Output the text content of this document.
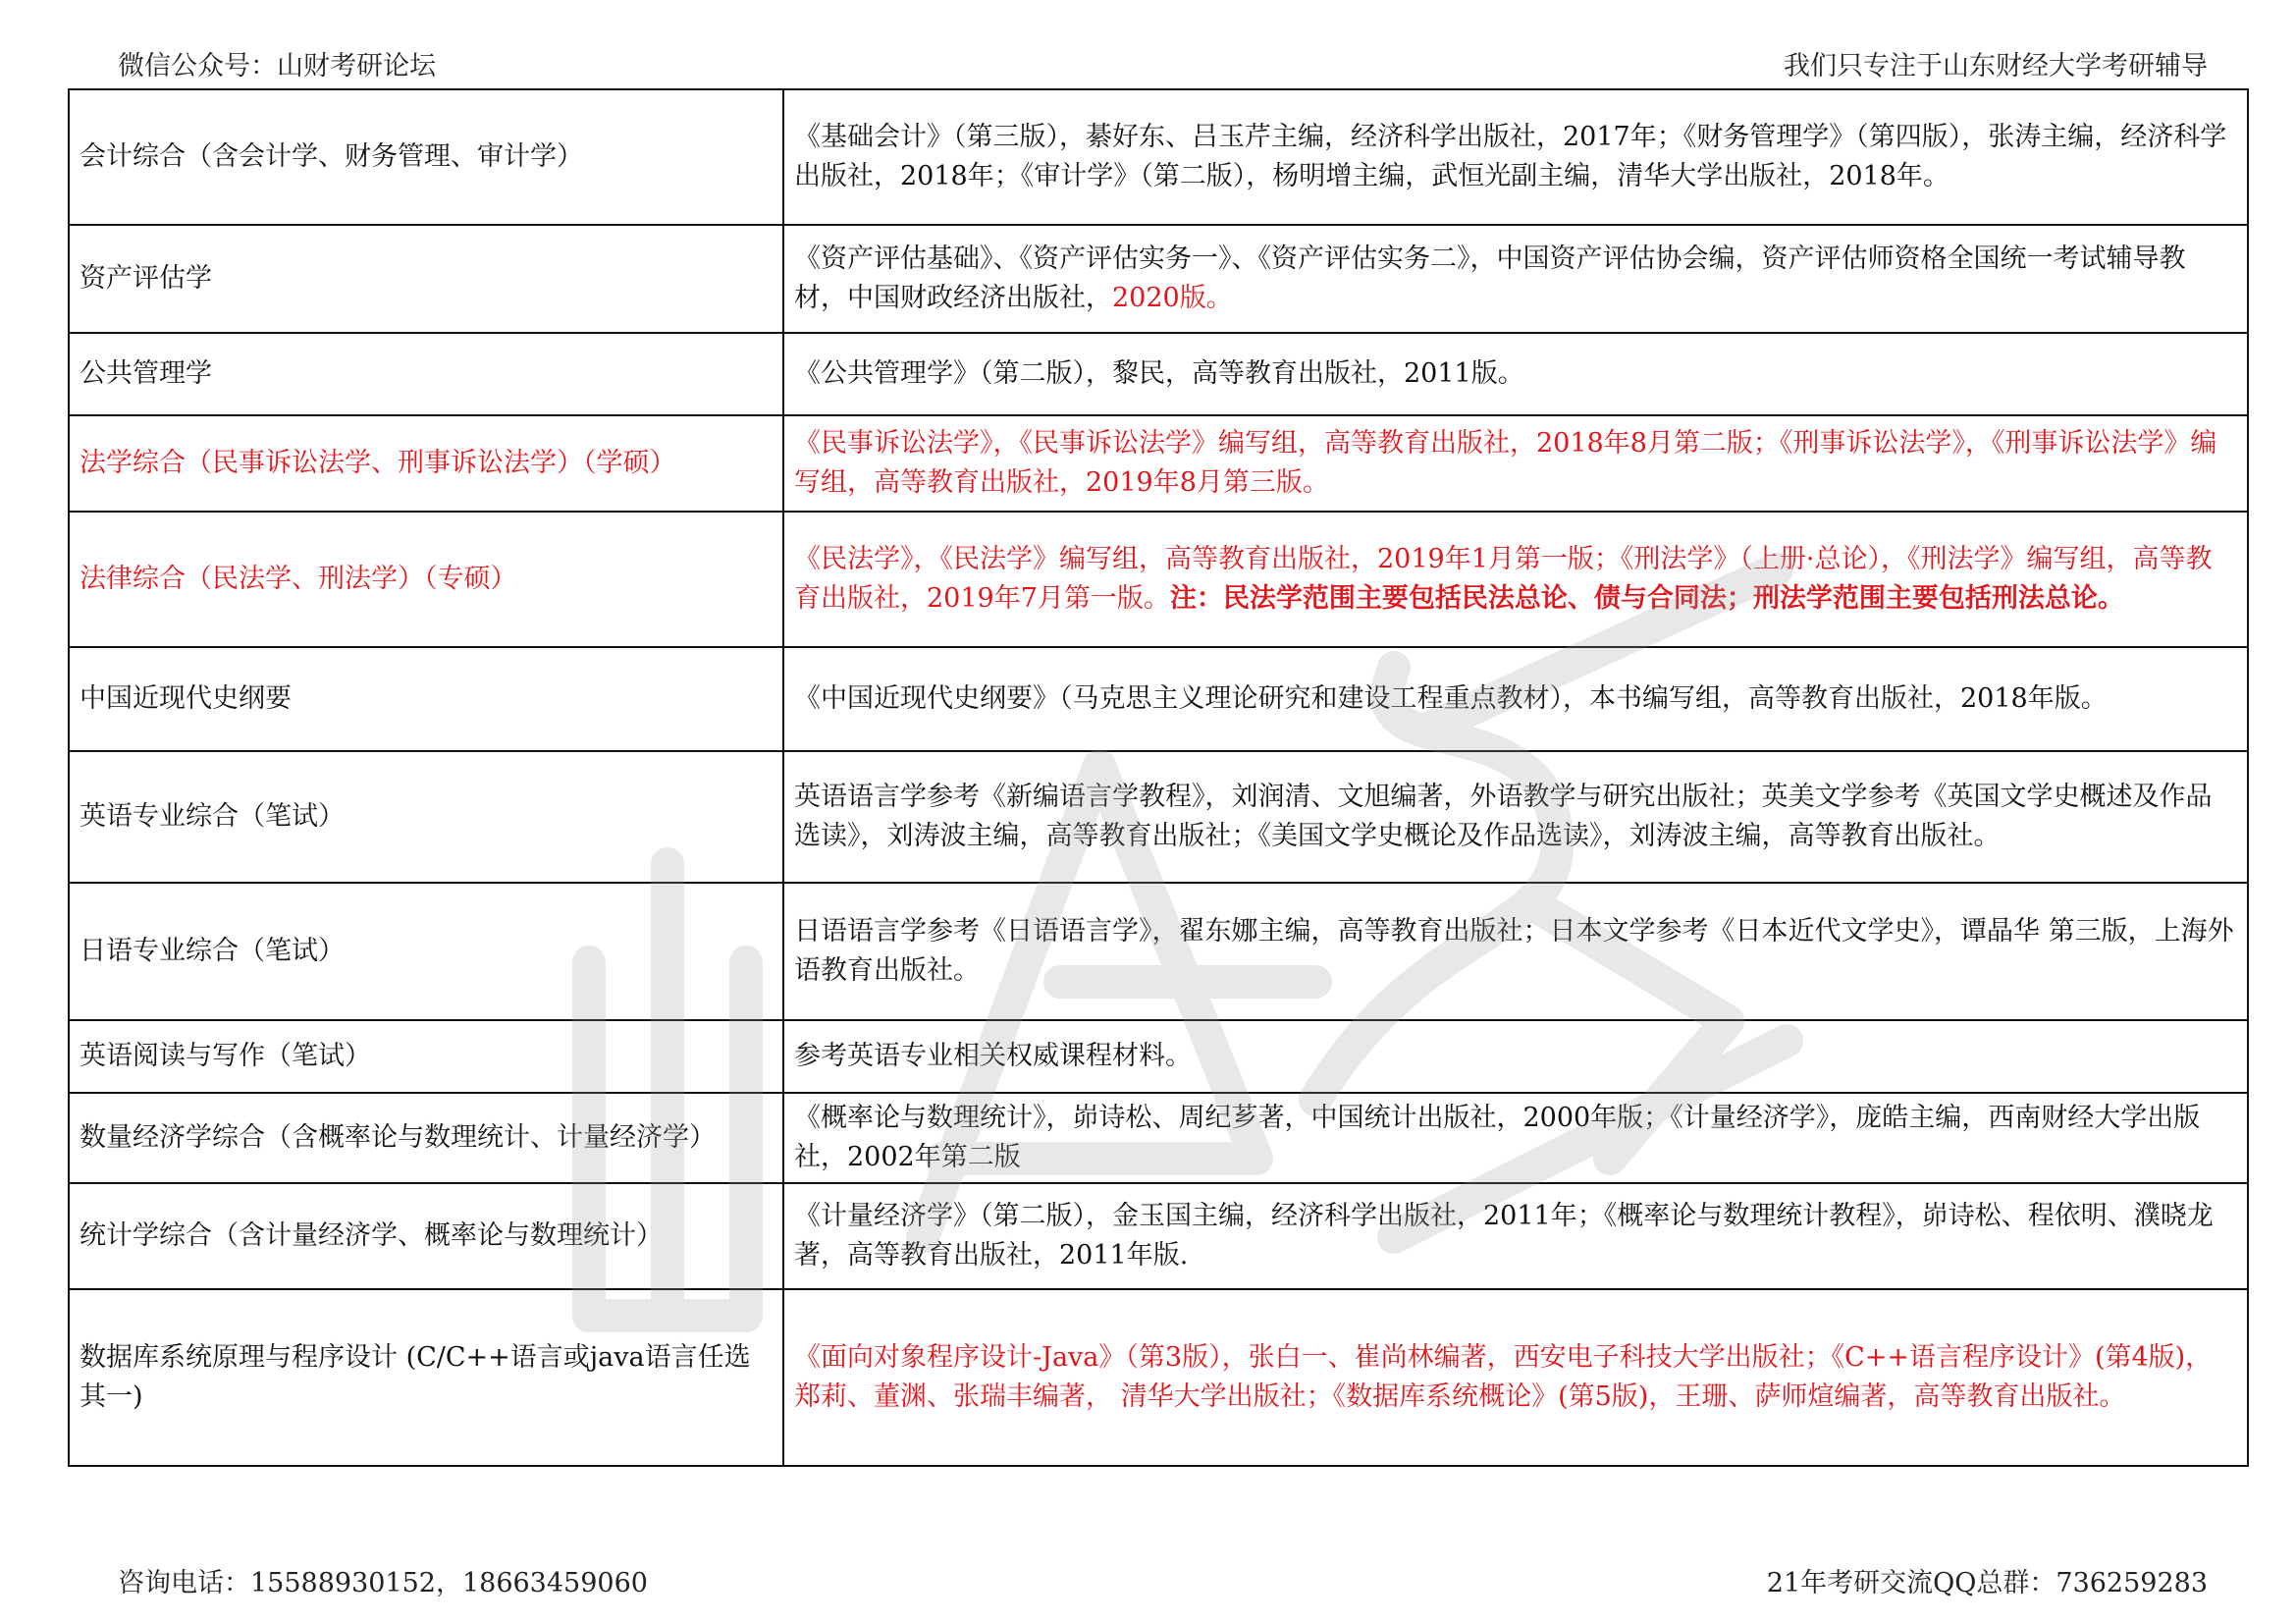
微信公众号：山财考研论坛	我们只专注于山东财经大学考研辅导
会计综合（含会计学、财务管理、审计学）	《基础会计》（第三版），綦好东、吕玉芹主编，经济科学出版社，2017年；《财务管理学》（第四版），张涛主编，经济科学出版社，2018年；《审计学》（第二版），杨明增主编，武恒光副主编，清华大学出版社，2018年。
资产评估学	《资产评估基础》、《资产评估实务一》、《资产评估实务二》，中国资产评估协会编，资产评估师资格全国统一考试辅导教材，中国财政经济出版社，2020版。
公共管理学	《公共管理学》（第二版），黎民，高等教育出版社，2011版。
法学综合（民事诉讼法学、刑事诉讼法学）（学硕）	《民事诉讼法学》，《民事诉讼法学》编写组，高等教育出版社，2018年8月第二版；《刑事诉讼法学》，《刑事诉讼法学》编写组，高等教育出版社，2019年8月第三版。
法律综合（民法学、刑法学）（专硕）	《民法学》，《民法学》编写组，高等教育出版社，2019年1月第一版；《刑法学》（上册·总论），《刑法学》编写组，高等教育出版社，2019年7月第一版。注：民法学范围主要包括民法总论、债与合同法；刑法学范围主要包括刑法总论。
中国近现代史纲要	《中国近现代史纲要》（马克思主义理论研究和建设工程重点教材），本书编写组，高等教育出版社，2018年版。
英语专业综合（笔试）	英语语言学参考《新编语言学教程》，刘润清、文旭编著，外语教学与研究出版社；英美文学参考《英国文学史概述及作品选读》，刘涛波主编，高等教育出版社；《美国文学史概论及作品选读》，刘涛波主编，高等教育出版社。
日语专业综合（笔试）	日语语言学参考《日语语言学》，翟东娜主编，高等教育出版社；日本文学参考《日本近代文学史》，谭晶华 第三版，上海外语教育出版社。
英语阅读与写作（笔试）	参考英语专业相关权威课程材料。
数量经济学综合（含概率论与数理统计、计量经济学）	《概率论与数理统计》，峁诗松、周纪芗著，中国统计出版社，2000年版；《计量经济学》，庞皓主编，西南财经大学出版社，2002年第二版
统计学综合（含计量经济学、概率论与数理统计）	《计量经济学》（第二版），金玉国主编，经济科学出版社，2011年；《概率论与数理统计教程》，峁诗松、程依明、濮晓龙著，高等教育出版社，2011年版.
数据库系统原理与程序设计 (C/C++语言或java语言任选其一)	《面向对象程序设计-Java》（第3版），张白一、崔尚林编著，西安电子科技大学出版社；《C++语言程序设计》(第4版)，郑莉、董渊、张瑞丰编著， 清华大学出版社；《数据库系统概论》(第5版)，王珊、萨师煊编著，高等教育出版社。
咨询电话：15588930152，18663459060	21年考研交流QQ总群：736259283
